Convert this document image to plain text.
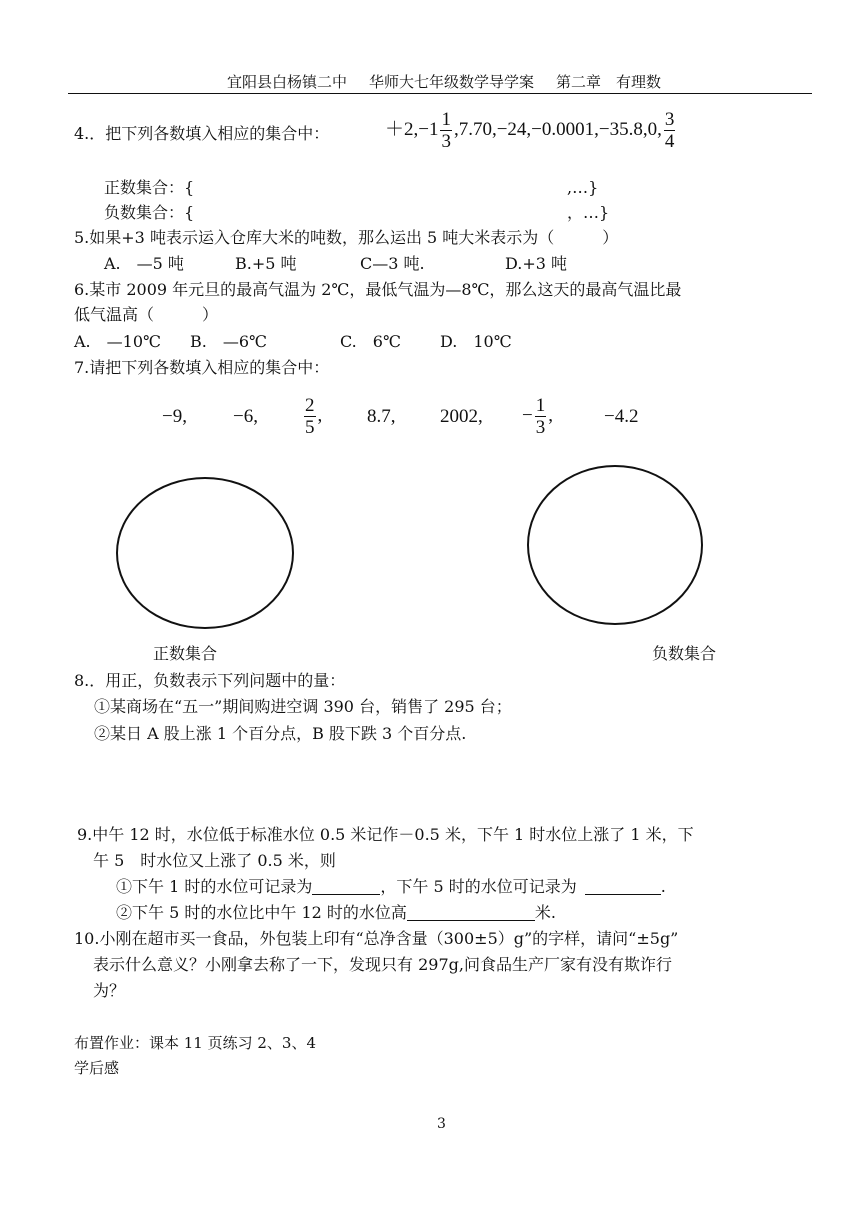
宜阳县白杨镇二中 华师大七年级数学导学案 第二章　有理数
4.．把下列各数填入相应的集合中：	$+2,-1 \frac{1}{3} ,7.70,-24,-0.0001,-35.8,0$, $\frac{3}{4}$
正数集合：{	,…}
负数集合：{	，…}
5.如果+3 吨表示运入仓库大米的吨数，那么运出 5 吨大米表示为（　　　）
A.　—5 吨	B.+5 吨	C—3 吨.	D.+3 吨
6.某市 2009 年元旦的最高气温为 2℃，最低气温为—8℃，那么这天的最高气温比最
低气温高（　　　）
A.　—10℃ B.　—6℃	C.　6℃ D.　10℃
7.请把下列各数填入相应的集合中：
−9, −6, $\frac{2}{5}$ , 8.7, 2002, − $\frac{1}{3}$ ,	−4.2
正数集合	负数集合
8.．用正，负数表示下列问题中的量：
①某商场在“五一”期间购进空调 390 台，销售了 295 台；
②某日 A 股上涨 1 个百分点，B 股下跌 3 个百分点.
9.中午 12 时，水位低于标准水位 0.5 米记作－0.5 米，下午 1 时水位上涨了 1 米，下
午 5　时水位又上涨了 0.5 米，则
①下午 1 时的水位可记录为	，下午 5 时的水位可记录为	.
②下午 5 时的水位比中午 12 时的水位高	米.
10.小刚在超市买一食品，外包装上印有“总净含量（300±5）g”的字样，请问“±5g”
表示什么意义？小刚拿去称了一下，发现只有 297g,问食品生产厂家有没有欺诈行
为？
布置作业：课本 11 页练习 2、3、4
学后感
3
